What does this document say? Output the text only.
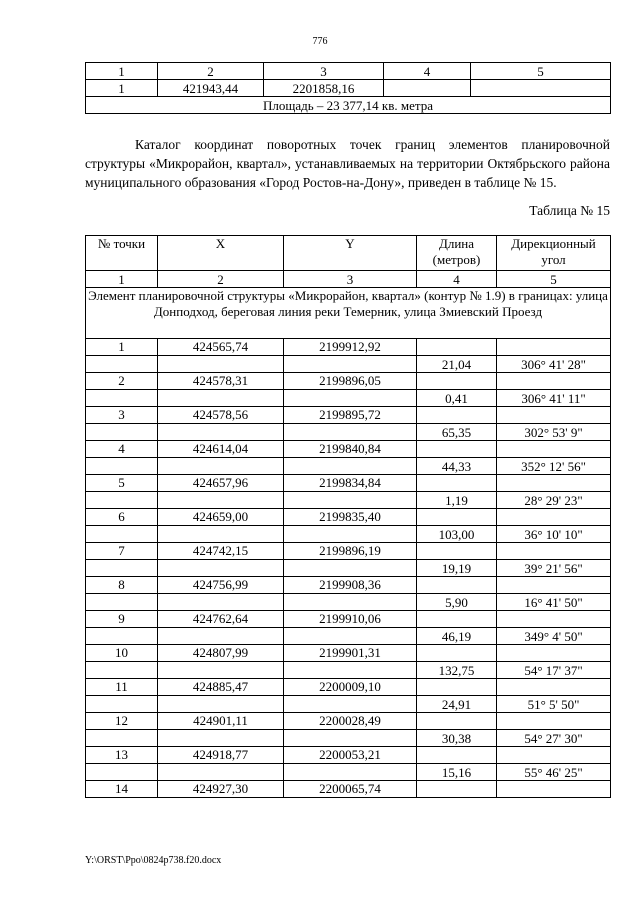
776
1	2	3	4	5
1	421943,44	2201858,16		
Площадь – 23 377,14 кв. метра				

Каталог координат поворотных точек границ элементов планировочной структуры «Микрорайон, квартал», устанавливаемых на территории Октябрьского района муниципального образования «Город Ростов-на-Дону», приведен в таблице № 15.

Таблица № 15
№ точки	X	Y	Длина (метров)	Дирекционный угол
1	2	3	4	5
Элемент планировочной структуры «Микрорайон, квартал» (контур № 1.9) в границах: улица Донподход, береговая линия реки Темерник, улица Змиевский Проезд				
1	424565,74	2199912,92		
			21,04	306° 41' 28"
2	424578,31	2199896,05		
			0,41	306° 41' 11"
3	424578,56	2199895,72		
			65,35	302° 53' 9"
4	424614,04	2199840,84		
			44,33	352° 12' 56"
5	424657,96	2199834,84		
			1,19	28° 29' 23"
6	424659,00	2199835,40		
			103,00	36° 10' 10"
7	424742,15	2199896,19		
			19,19	39° 21' 56"
8	424756,99	2199908,36		
			5,90	16° 41' 50"
9	424762,64	2199910,06		
			46,19	349° 4' 50"
10	424807,99	2199901,31		
			132,75	54° 17' 37"
11	424885,47	2200009,10		
			24,91	51° 5' 50"
12	424901,11	2200028,49		
			30,38	54° 27' 30"
13	424918,77	2200053,21		
			15,16	55° 46' 25"
14	424927,30	2200065,74		
Y:\ORST\Ppo\0824p738.f20.docx
